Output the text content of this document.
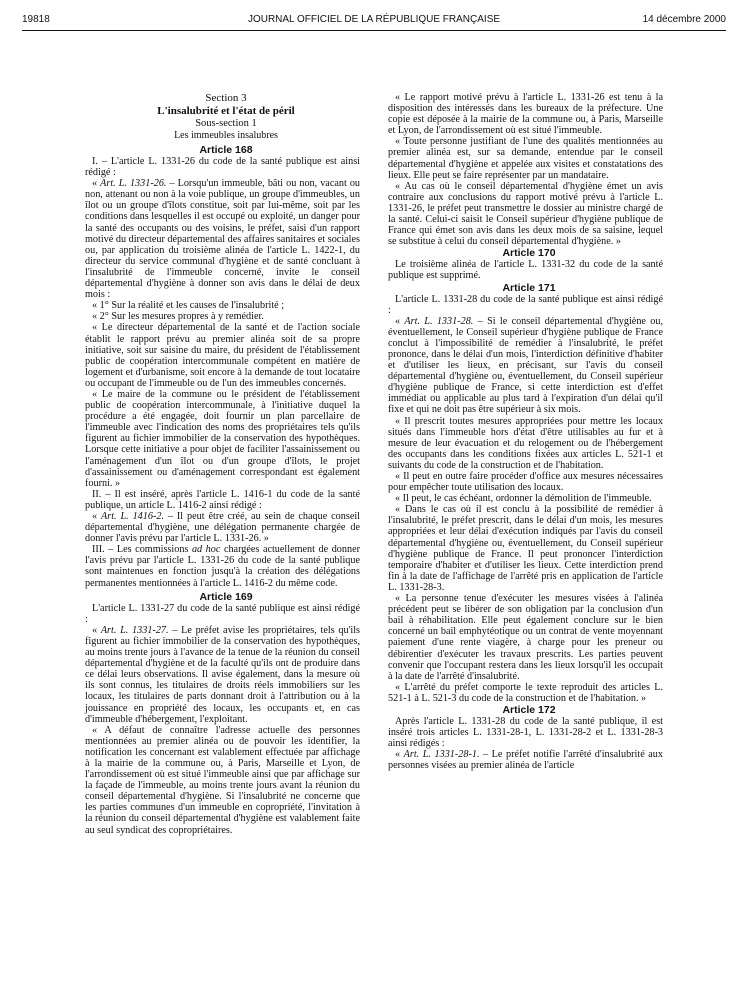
19818	JOURNAL OFFICIEL DE LA RÉPUBLIQUE FRANÇAISE	14 décembre 2000

Section 3

L'insalubrité et l'état de péril

Sous-section 1

Les immeubles insalubres

Article 168

I. – L'article L. 1331-26 du code de la santé publique est ainsi rédigé :

« Art. L. 1331-26. – Lorsqu'un immeuble, bâti ou non, vacant ou non, attenant ou non à la voie publique, un groupe d'immeubles, un îlot ou un groupe d'îlots constitue, soit par lui-même, soit par les conditions dans lesquelles il est occupé ou exploité, un danger pour la santé des occupants ou des voisins, le préfet, saisi d'un rapport motivé du directeur départemental des affaires sanitaires et sociales ou, par application du troisième alinéa de l'article L. 1422-1, du directeur du service communal d'hygiène et de santé concluant à l'insalubrité de l'immeuble concerné, invite le conseil départemental d'hygiène à donner son avis dans le délai de deux mois :

« 1° Sur la réalité et les causes de l'insalubrité ;

« 2° Sur les mesures propres à y remédier.

« Le directeur départemental de la santé et de l'action sociale établit le rapport prévu au premier alinéa soit de sa propre initiative, soit sur saisine du maire, du président de l'établissement public de coopération intercommunale compétent en matière de logement et d'urbanisme, soit encore à la demande de tout locataire ou occupant de l'immeuble ou de l'un des immeubles concernés.

« Le maire de la commune ou le président de l'établissement public de coopération intercommunale, à l'initiative duquel la procédure a été engagée, doit fournir un plan parcellaire de l'immeuble avec l'indication des noms des propriétaires tels qu'ils figurent au fichier immobilier de la conservation des hypothèques. Lorsque cette initiative a pour objet de faciliter l'assainissement ou l'aménagement d'un îlot ou d'un groupe d'îlots, le projet d'assainissement ou d'aménagement correspondant est également fourni. »

II. – Il est inséré, après l'article L. 1416-1 du code de la santé publique, un article L. 1416-2 ainsi rédigé :

« Art. L. 1416-2. – Il peut être créé, au sein de chaque conseil départemental d'hygiène, une délégation permanente chargée de donner l'avis prévu par l'article L. 1331-26. »

III. – Les commissions ad hoc chargées actuellement de donner l'avis prévu par l'article L. 1331-26 du code de la santé publique sont maintenues en fonction jusqu'à la création des délégations permanentes mentionnées à l'article L. 1416-2 du même code.

Article 169

L'article L. 1331-27 du code de la santé publique est ainsi rédigé :

« Art. L. 1331-27. – Le préfet avise les propriétaires, tels qu'ils figurent au fichier immobilier de la conservation des hypothèques, au moins trente jours à l'avance de la tenue de la réunion du conseil départemental d'hygiène et de la faculté qu'ils ont de produire dans ce délai leurs observations. Il avise également, dans la mesure où ils sont connus, les titulaires de droits réels immobiliers sur les locaux, les titulaires de parts donnant droit à l'attribution ou à la jouissance en propriété des locaux, les occupants et, en cas d'immeuble d'hébergement, l'exploitant.

« A défaut de connaître l'adresse actuelle des personnes mentionnées au premier alinéa ou de pouvoir les identifier, la notification les concernant est valablement effectuée par affichage à la mairie de la commune ou, à Paris, Marseille et Lyon, de l'arrondissement où est situé l'immeuble ainsi que par affichage sur la façade de l'immeuble, au moins trente jours avant la réunion du conseil départemental d'hygiène. Si l'insalubrité ne concerne que les parties communes d'un immeuble en copropriété, l'invitation à la réunion du conseil départemental d'hygiène est valablement faite au seul syndicat des copropriétaires.

« Le rapport motivé prévu à l'article L. 1331-26 est tenu à la disposition des intéressés dans les bureaux de la préfecture. Une copie est déposée à la mairie de la commune ou, à Paris, Marseille et Lyon, de l'arrondissement où est situé l'immeuble.

« Toute personne justifiant de l'une des qualités mentionnées au premier alinéa est, sur sa demande, entendue par le conseil départemental d'hygiène et appelée aux visites et constatations des lieux. Elle peut se faire représenter par un mandataire.

« Au cas où le conseil départemental d'hygiène émet un avis contraire aux conclusions du rapport motivé prévu à l'article L. 1331-26, le préfet peut transmettre le dossier au ministre chargé de la santé. Celui-ci saisit le Conseil supérieur d'hygiène publique de France qui émet son avis dans les deux mois de sa saisine, lequel se substitue à celui du conseil départemental d'hygiène. »

Article 170

Le troisième alinéa de l'article L. 1331-32 du code de la santé publique est supprimé.

Article 171

L'article L. 1331-28 du code de la santé publique est ainsi rédigé :

« Art. L. 1331-28. – Si le conseil départemental d'hygiène ou, éventuellement, le Conseil supérieur d'hygiène publique de France conclut à l'impossibilité de remédier à l'insalubrité, le préfet prononce, dans le délai d'un mois, l'interdiction définitive d'habiter et d'utiliser les lieux, en précisant, sur l'avis du conseil départemental d'hygiène ou, éventuellement, du Conseil supérieur d'hygiène publique de France, si cette interdiction est d'effet immédiat ou applicable au plus tard à l'expiration d'un délai qu'il fixe et qui ne doit pas être supérieur à six mois.

« Il prescrit toutes mesures appropriées pour mettre les locaux situés dans l'immeuble hors d'état d'être utilisables au fur et à mesure de leur évacuation et du relogement ou de l'hébergement des occupants dans les conditions fixées aux articles L. 521-1 et suivants du code de la construction et de l'habitation.

« Il peut en outre faire procéder d'office aux mesures nécessaires pour empêcher toute utilisation des locaux.

« Il peut, le cas échéant, ordonner la démolition de l'immeuble.

« Dans le cas où il est conclu à la possibilité de remédier à l'insalubrité, le préfet prescrit, dans le délai d'un mois, les mesures appropriées et leur délai d'exécution indiqués par l'avis du conseil départemental d'hygiène ou, éventuellement, du Conseil supérieur d'hygiène publique de France. Il peut prononcer l'interdiction temporaire d'habiter et d'utiliser les lieux. Cette interdiction prend fin à la date de l'affichage de l'arrêté pris en application de l'article L. 1331-28-3.

« La personne tenue d'exécuter les mesures visées à l'alinéa précédent peut se libérer de son obligation par la conclusion d'un bail à réhabilitation. Elle peut également conclure sur le bien concerné un bail emphytéotique ou un contrat de vente moyennant paiement d'une rente viagère, à charge pour les preneur ou débirentier d'exécuter les travaux prescrits. Les parties peuvent convenir que l'occupant restera dans les lieux lorsqu'il les occupait à la date de l'arrêté d'insalubrité.

« L'arrêté du préfet comporte le texte reproduit des articles L. 521-1 à L. 521-3 du code de la construction et de l'habitation. »

Article 172

Après l'article L. 1331-28 du code de la santé publique, il est inséré trois articles L. 1331-28-1, L. 1331-28-2 et L. 1331-28-3 ainsi rédigés :

« Art. L. 1331-28-1. – Le préfet notifie l'arrêté d'insalubrité aux personnes visées au premier alinéa de l'article
